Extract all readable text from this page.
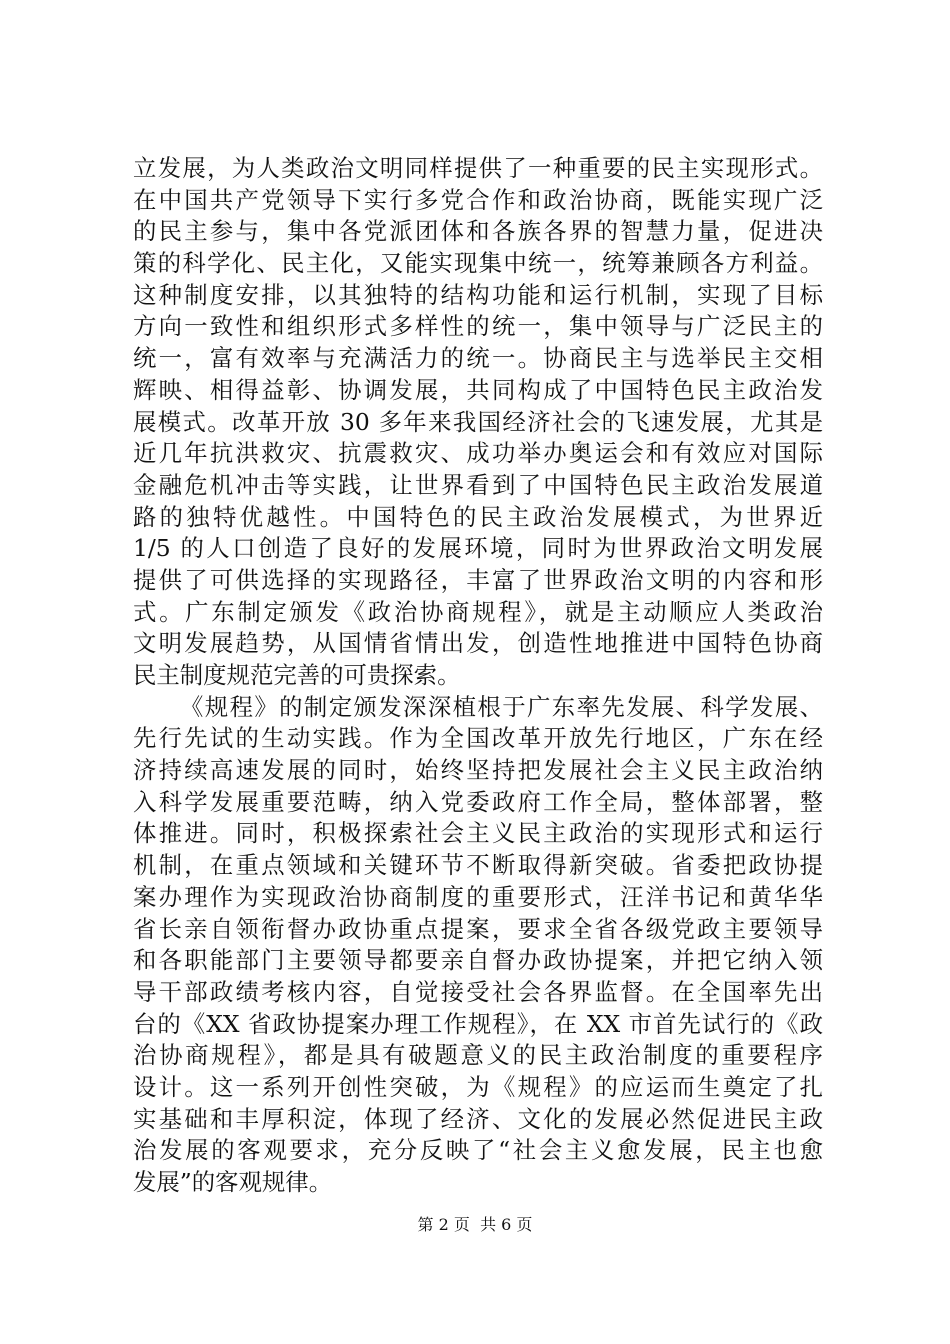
立发展，为人类政治文明同样提供了一种重要的民主实现形式。
在中国共产党领导下实行多党合作和政治协商，既能实现广泛
的民主参与，集中各党派团体和各族各界的智慧力量，促进决
策的科学化、民主化，又能实现集中统一，统筹兼顾各方利益。
这种制度安排，以其独特的结构功能和运行机制，实现了目标
方向一致性和组织形式多样性的统一，集中领导与广泛民主的
统一，富有效率与充满活力的统一。协商民主与选举民主交相
辉映、相得益彰、协调发展，共同构成了中国特色民主政治发
展模式。改革开放 30 多年来我国经济社会的飞速发展，尤其是
近几年抗洪救灾、抗震救灾、成功举办奥运会和有效应对国际
金融危机冲击等实践，让世界看到了中国特色民主政治发展道
路的独特优越性。中国特色的民主政治发展模式，为世界近
1/5 的人口创造了良好的发展环境，同时为世界政治文明发展
提供了可供选择的实现路径，丰富了世界政治文明的内容和形
式。广东制定颁发《政治协商规程》，就是主动顺应人类政治
文明发展趋势，从国情省情出发，创造性地推进中国特色协商
民主制度规范完善的可贵探索。
《规程》的制定颁发深深植根于广东率先发展、科学发展、
先行先试的生动实践。作为全国改革开放先行地区，广东在经
济持续高速发展的同时，始终坚持把发展社会主义民主政治纳
入科学发展重要范畴，纳入党委政府工作全局，整体部署，整
体推进。同时，积极探索社会主义民主政治的实现形式和运行
机制，在重点领域和关键环节不断取得新突破。省委把政协提
案办理作为实现政治协商制度的重要形式，汪洋书记和黄华华
省长亲自领衔督办政协重点提案，要求全省各级党政主要领导
和各职能部门主要领导都要亲自督办政协提案，并把它纳入领
导干部政绩考核内容，自觉接受社会各界监督。在全国率先出
台的《XX 省政协提案办理工作规程》，在 XX 市首先试行的《政
治协商规程》，都是具有破题意义的民主政治制度的重要程序
设计。这一系列开创性突破，为《规程》的应运而生奠定了扎
实基础和丰厚积淀，体现了经济、文化的发展必然促进民主政
治发展的客观要求，充分反映了“社会主义愈发展，民主也愈
发展”的客观规律。
第 2 页  共 6 页
